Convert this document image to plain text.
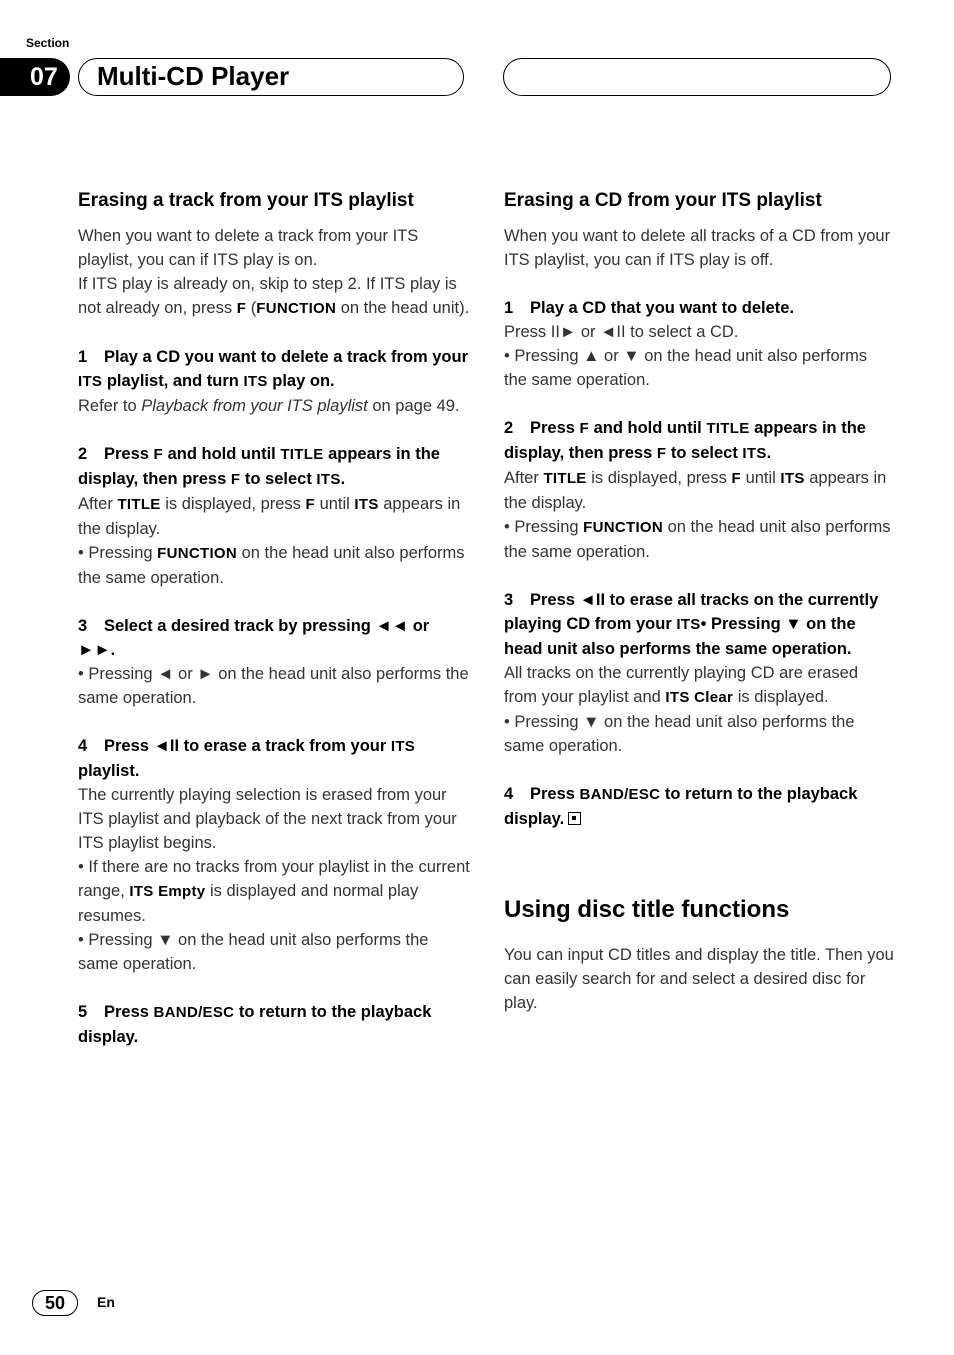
Section
07	Multi-CD Player
Erasing a track from your ITS playlist

When you want to delete a track from your ITS playlist, you can if ITS play is on.

If ITS play is already on, skip to step 2. If ITS play is not already on, press F (FUNCTION on the head unit).

1 Play a CD you want to delete a track from your ITS playlist, and turn ITS play on.

Refer to Playback from your ITS playlist on page 49.

2 Press F and hold until TITLE appears in the display, then press F to select ITS.

After TITLE is displayed, press F until ITS appears in the display.

• Pressing FUNCTION on the head unit also performs the same operation.

3 Select a desired track by pressing ◄◄ or ►►.

• Pressing ◄ or ► on the head unit also performs the same operation.

4 Press ◄II to erase a track from your ITS playlist.

The currently playing selection is erased from your ITS playlist and playback of the next track from your ITS playlist begins.

• If there are no tracks from your playlist in the current range, ITS Empty is displayed and normal play resumes.

• Pressing ▼ on the head unit also performs the same operation.

5 Press BAND/ESC to return to the playback display.
Erasing a CD from your ITS playlist

When you want to delete all tracks of a CD from your ITS playlist, you can if ITS play is off.

1 Play a CD that you want to delete.

Press II► or ◄II to select a CD.

• Pressing ▲ or ▼ on the head unit also performs the same operation.

2 Press F and hold until TITLE appears in the display, then press F to select ITS.

After TITLE is displayed, press F until ITS appears in the display.

• Pressing FUNCTION on the head unit also performs the same operation.

3 Press ◄II to erase all tracks on the currently playing CD from your ITS• Pressing ▼ on the head unit also performs the same operation.

All tracks on the currently playing CD are erased from your playlist and ITS Clear is displayed.

• Pressing ▼ on the head unit also performs the same operation.

4 Press BAND/ESC to return to the playback display.
Using disc title functions

You can input CD titles and display the title. Then you can easily search for and select a desired disc for play.

50	En
